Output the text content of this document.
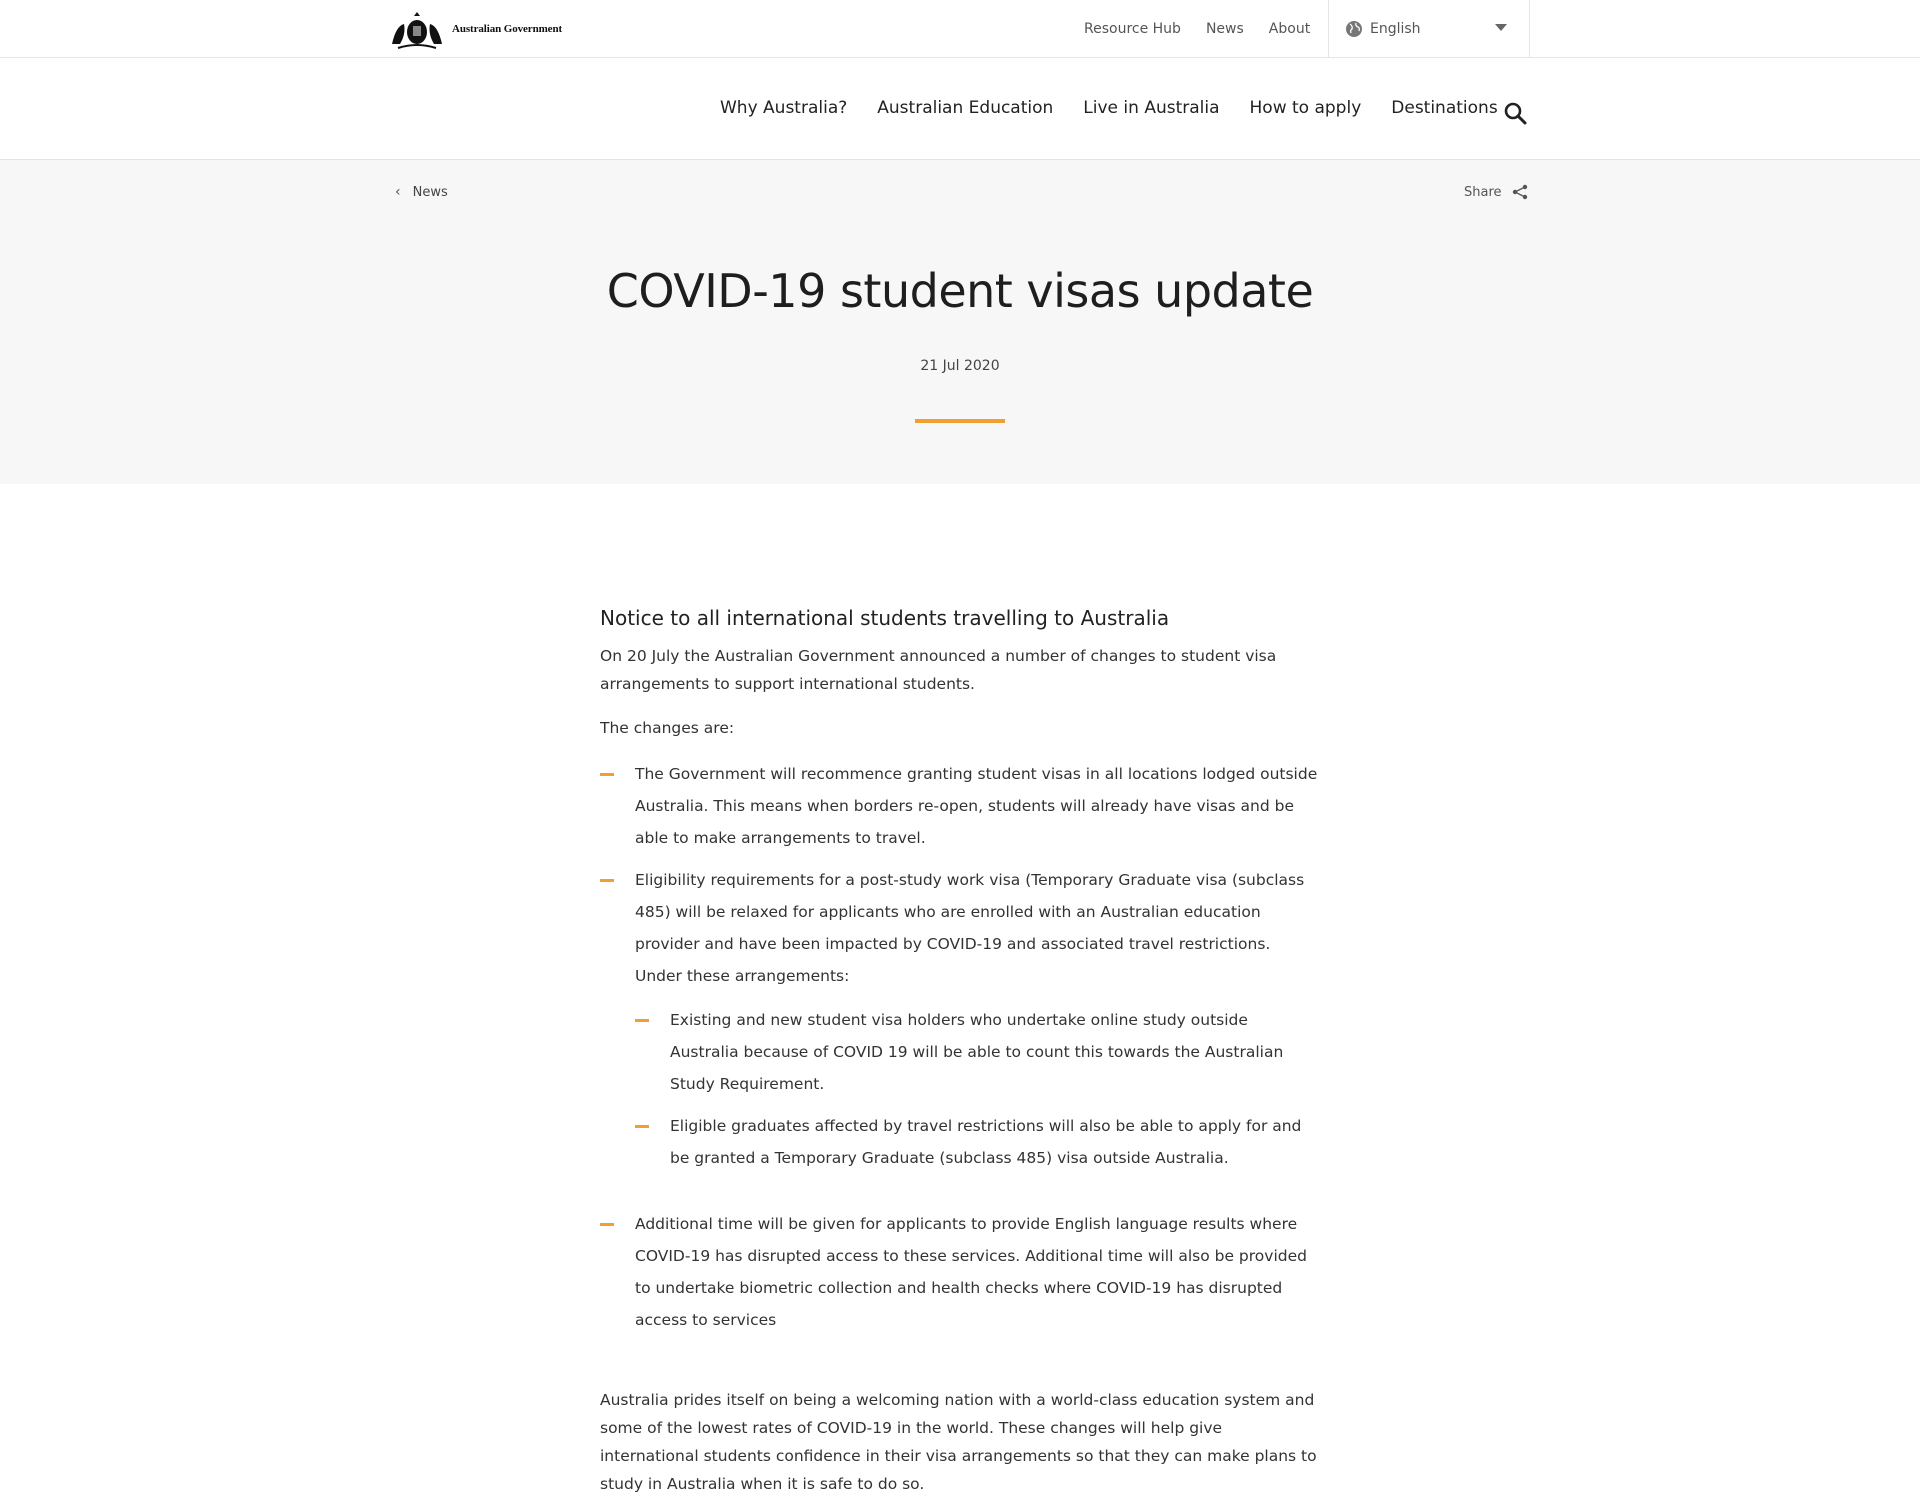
Australian Government	Resource Hub News About	English
Why Australia? Australian Education Live in Australia How to apply Destinations
‹ News	Share
COVID-19 student visas update
21 Jul 2020
Notice to all international students travelling to Australia

On 20 July the Australian Government announced a number of changes to student visa arrangements to support international students.

The changes are:

The Government will recommence granting student visas in all locations lodged outside Australia. This means when borders re-open, students will already have visas and be able to make arrangements to travel.
Eligibility requirements for a post-study work visa (Temporary Graduate visa (subclass 485) will be relaxed for applicants who are enrolled with an Australian education provider and have been impacted by COVID-19 and associated travel restrictions. Under these arrangements:
Existing and new student visa holders who undertake online study outside Australia because of COVID 19 will be able to count this towards the Australian Study Requirement.
Eligible graduates affected by travel restrictions will also be able to apply for and be granted a Temporary Graduate (subclass 485) visa outside Australia.
Additional time will be given for applicants to provide English language results where COVID-19 has disrupted access to these services. Additional time will also be provided to undertake biometric collection and health checks where COVID-19 has disrupted access to services

Australia prides itself on being a welcoming nation with a world-class education system and some of the lowest rates of COVID-19 in the world. These changes will help give international students confidence in their visa arrangements so that they can make plans to study in Australia when it is safe to do so.
